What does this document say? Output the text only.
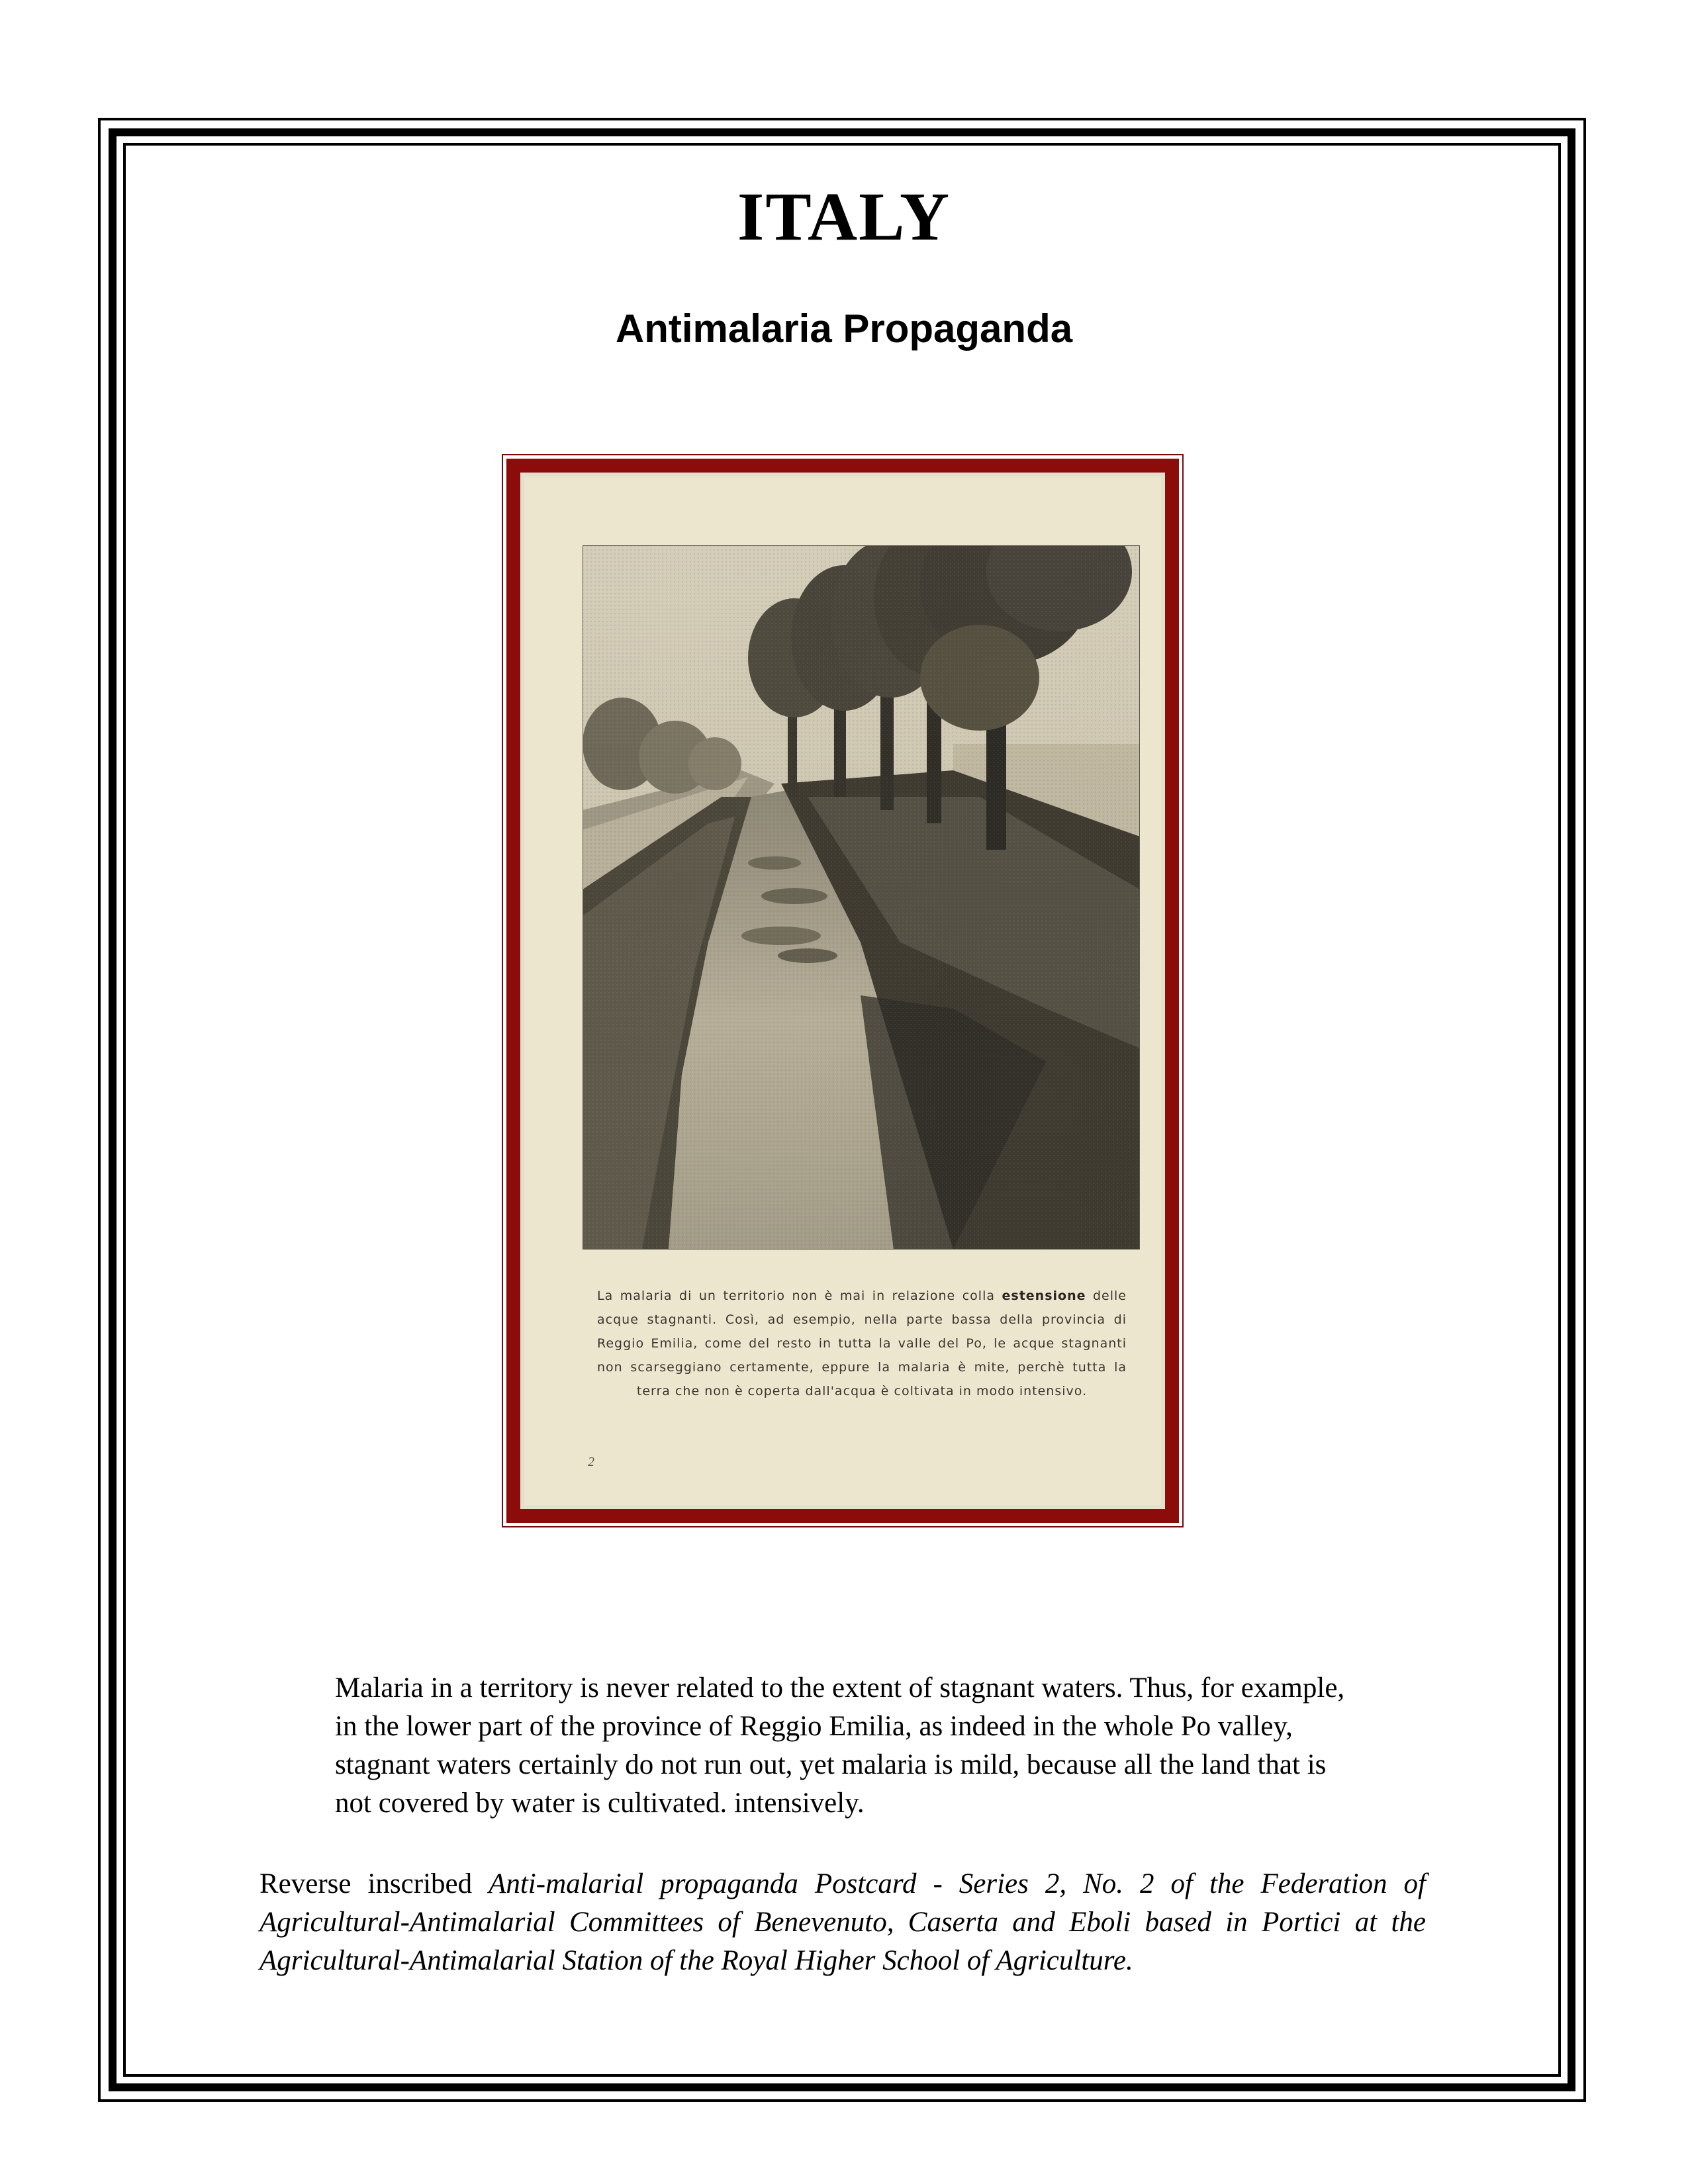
ITALY
Antimalaria Propaganda
La malaria di un territorio non è mai in relazione colla estensione delle acque stagnanti. Così, ad esempio, nella parte bassa della provincia di Reggio Emilia, come del resto in tutta la valle del Po, le acque stagnanti non scarseggiano certamente, eppure la malaria è mite, perchè tutta la terra che non è coperta dall'acqua è coltivata in modo intensivo.
2
Malaria in a territory is never related to the extent of stagnant waters. Thus, for example, in the lower part of the province of Reggio Emilia, as indeed in the whole Po valley, stagnant waters certainly do not run out, yet malaria is mild, because all the land that is not covered by water is cultivated. intensively.
Reverse inscribed Anti-malarial propaganda Postcard - Series 2, No. 2 of the Federation of Agricultural-Antimalarial Committees of Benevenuto, Caserta and Eboli based in Portici at the Agricultural-Antimalarial Station of the Royal Higher School of Agriculture.
